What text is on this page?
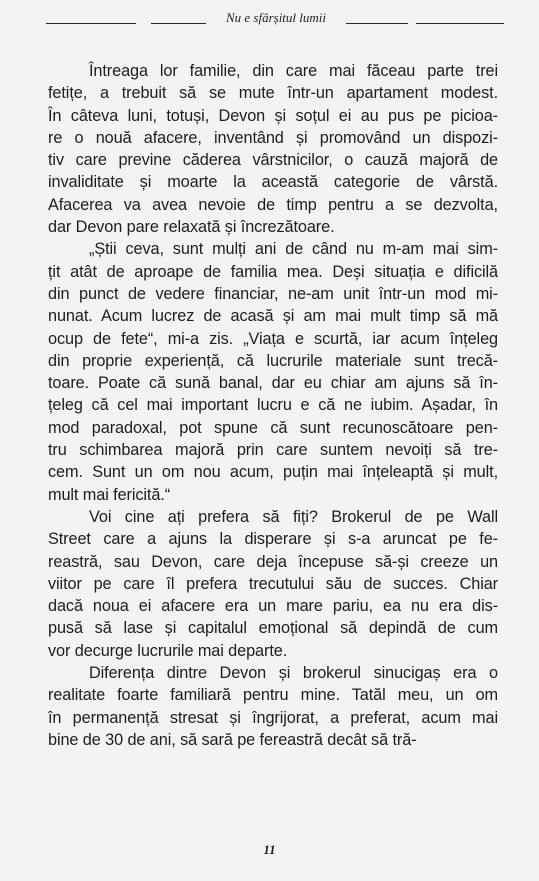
Nu e sfârșitul lumii
Întreaga lor familie, din care mai făceau parte trei
fetițe, a trebuit să se mute într-un apartament modest.
În câteva luni, totuși, Devon și soțul ei au pus pe picioa-
re o nouă afacere, inventând și promovând un dispozi-
tiv care previne căderea vârstnicilor, o cauză majoră de
invaliditate și moarte la această categorie de vârstă.
Afacerea va avea nevoie de timp pentru a se dezvolta,
dar Devon pare relaxată și încrezătoare.
„Știi ceva, sunt mulți ani de când nu m-am mai sim-
țit atât de aproape de familia mea. Deși situația e dificilă
din punct de vedere financiar, ne-am unit într-un mod mi-
nunat. Acum lucrez de acasă și am mai mult timp să mă
ocup de fete“, mi-a zis. „Viața e scurtă, iar acum înțeleg
din proprie experiență, că lucrurile materiale sunt trecă-
toare. Poate că sună banal, dar eu chiar am ajuns să în-
țeleg că cel mai important lucru e că ne iubim. Așadar, în
mod paradoxal, pot spune că sunt recunoscătoare pen-
tru schimbarea majoră prin care suntem nevoiți să tre-
cem. Sunt un om nou acum, puțin mai înțeleaptă și mult,
mult mai fericită.“
Voi cine ați prefera să fiți? Brokerul de pe Wall
Street care a ajuns la disperare și s-a aruncat pe fe-
reastră, sau Devon, care deja începuse să-și creeze un
viitor pe care îl prefera trecutului său de succes. Chiar
dacă noua ei afacere era un mare pariu, ea nu era dis-
pusă să lase și capitalul emoțional să depindă de cum
vor decurge lucrurile mai departe.
Diferența dintre Devon și brokerul sinucigaș era o
realitate foarte familiară pentru mine. Tatăl meu, un om
în permanență stresat și îngrijorat, a preferat, acum mai
bine de 30 de ani, să sară pe fereastră decât să tră-
11
